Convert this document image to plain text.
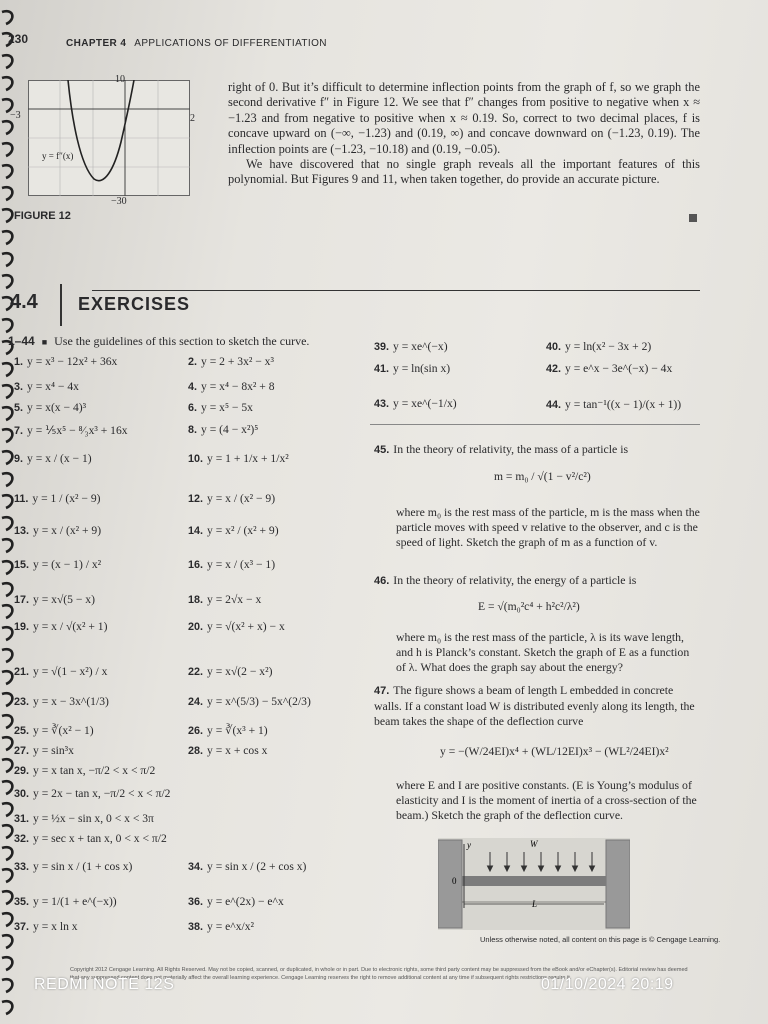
230	CHAPTER 4 APPLICATIONS OF DIFFERENTIATION
y = f″(x)
10
−30
−3	2
FIGURE 12

right of 0. But it’s difficult to determine inflection points from the graph of f, so we graph the second derivative f″ in Figure 12. We see that f″ changes from positive to negative when x ≈ −1.23 and from negative to positive when x ≈ 0.19. So, correct to two decimal places, f is concave upward on (−∞, −1.23) and (0.19, ∞) and concave downward on (−1.23, 0.19). The inflection points are (−1.23, −10.18) and (0.19, −0.05).

We have discovered that no single graph reveals all the important features of this polynomial. But Figures 9 and 11, when taken together, do provide an accurate picture.

4.4 EXERCISES
1–44 ■ Use the guidelines of this section to sketch the curve.
1. y = x³ − 12x² + 36x	2. y = 2 + 3x² − x³
3. y = x⁴ − 4x	4. y = x⁴ − 8x² + 8
5. y = x(x − 4)³	6. y = x⁵ − 5x
7. y = ⅕x⁵ − ⁸⁄₃x³ + 16x	8. y = (4 − x²)⁵
9. y = x / (x − 1)	10. y = 1 + 1/x + 1/x²
11. y = 1 / (x² − 9)	12. y = x / (x² − 9)
13. y = x / (x² + 9)	14. y = x² / (x² + 9)
15. y = (x − 1) / x²	16. y = x / (x³ − 1)
17. y = x√(5 − x)	18. y = 2√x − x
19. y = x / √(x² + 1)	20. y = √(x² + x) − x
21. y = √(1 − x²) / x	22. y = x√(2 − x²)
23. y = x − 3x^(1/3)	24. y = x^(5/3) − 5x^(2/3)
25. y = ∛(x² − 1)	26. y = ∛(x³ + 1)
27. y = sin³x	28. y = x + cos x
29. y = x tan x, −π/2 < x < π/2
30. y = 2x − tan x, −π/2 < x < π/2
31. y = ½x − sin x, 0 < x < 3π
32. y = sec x + tan x, 0 < x < π/2
33. y = sin x / (1 + cos x)	34. y = sin x / (2 + cos x)
35. y = 1/(1 + e^(−x))	36. y = e^(2x) − e^x
37. y = x ln x	38. y = e^x/x²
39. y = xe^(−x)	40. y = ln(x² − 3x + 2)
41. y = ln(sin x)	42. y = e^x − 3e^(−x) − 4x
43. y = xe^(−1/x)	44. y = tan⁻¹((x − 1)/(x + 1))
45. In the theory of relativity, the mass of a particle is
m = m₀ / √(1 − v²/c²)
where m₀ is the rest mass of the particle, m is the mass when the particle moves with speed v relative to the observer, and c is the speed of light. Sketch the graph of m as a function of v.
46. In the theory of relativity, the energy of a particle is
E = √(m₀²c⁴ + h²c²/λ²)
where m₀ is the rest mass of the particle, λ is its wave length, and h is Planck’s constant. Sketch the graph of E as a function of λ. What does the graph say about the energy?
47. The figure shows a beam of length L embedded in concrete walls. If a constant load W is distributed evenly along its length, the beam takes the shape of the deflection curve
y = −(W/24EI)x⁴ + (WL/12EI)x³ − (WL²/24EI)x²
where E and I are positive constants. (E is Young’s modulus of elasticity and I is the moment of inertia of a cross-section of the beam.) Sketch the graph of the deflection curve.
y	W
0
L
Unless otherwise noted, all content on this page is © Cengage Learning.
Copyright 2012 Cengage Learning. All Rights Reserved. May not be copied, scanned, or duplicated, in whole or in part. Due to electronic rights, some third party content may be suppressed from the eBook and/or eChapter(s). Editorial review has deemed that any suppressed content does not materially affect the overall learning experience. Cengage Learning reserves the right to remove additional content at any time if subsequent rights restrictions require it.
REDMI NOTE 12S	01/10/2024 20:19
